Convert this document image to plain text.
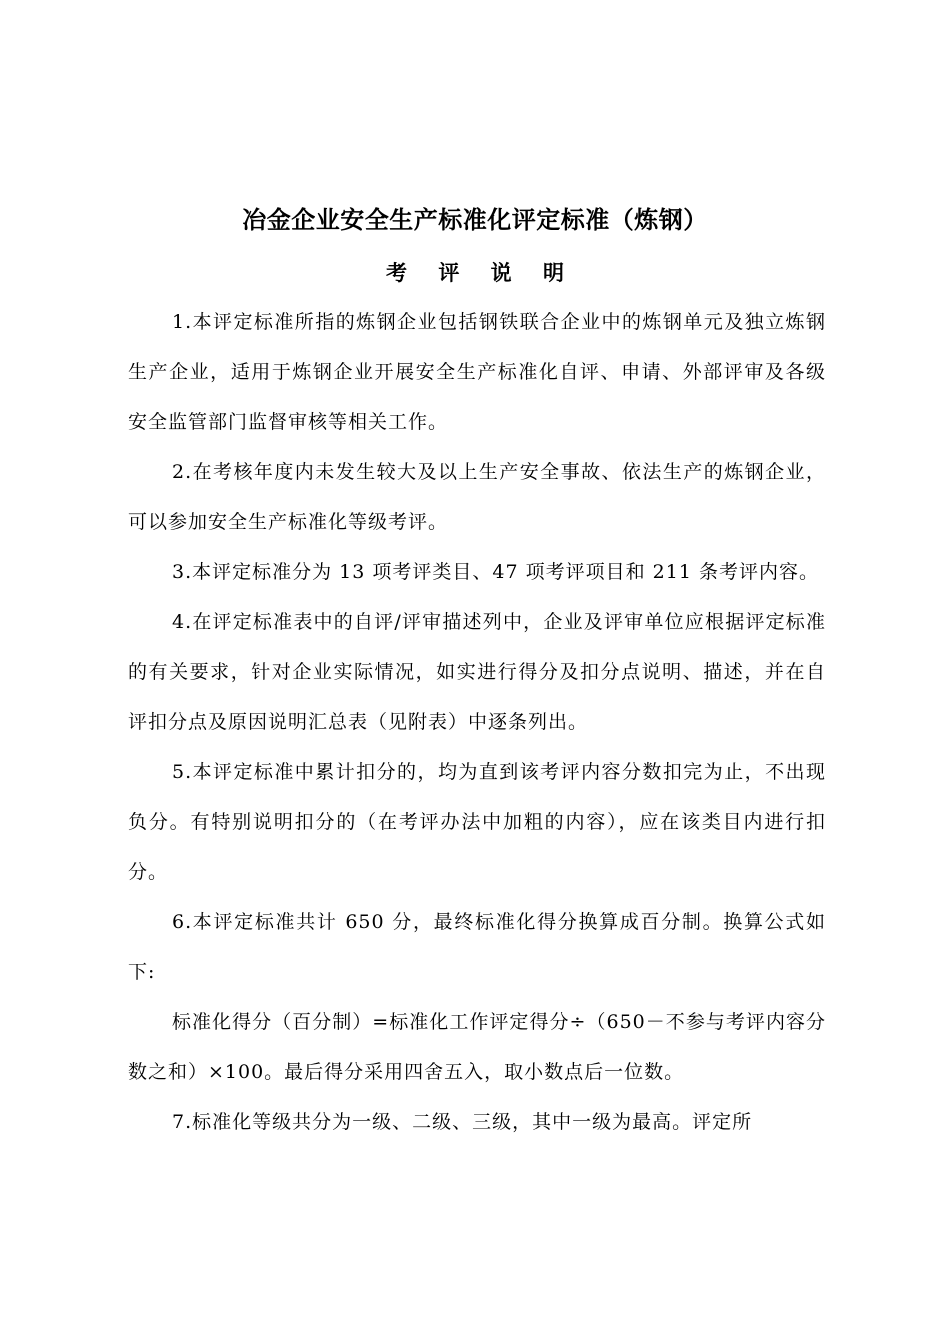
冶金企业安全生产标准化评定标准（炼钢）
考 评 说 明

1.本评定标准所指的炼钢企业包括钢铁联合企业中的炼钢单元及独立炼钢生产企业，适用于炼钢企业开展安全生产标准化自评、申请、外部评审及各级安全监管部门监督审核等相关工作。

2.在考核年度内未发生较大及以上生产安全事故、依法生产的炼钢企业，可以参加安全生产标准化等级考评。

3.本评定标准分为 13 项考评类目、47 项考评项目和 211 条考评内容。

4.在评定标准表中的自评/评审描述列中，企业及评审单位应根据评定标准的有关要求，针对企业实际情况，如实进行得分及扣分点说明、描述，并在自评扣分点及原因说明汇总表（见附表）中逐条列出。

5.本评定标准中累计扣分的，均为直到该考评内容分数扣完为止，不出现负分。有特别说明扣分的（在考评办法中加粗的内容），应在该类目内进行扣分。

6.本评定标准共计 650 分，最终标准化得分换算成百分制。换算公式如下:

标准化得分（百分制）=标准化工作评定得分÷（650－不参与考评内容分数之和）×100。最后得分采用四舍五入，取小数点后一位数。

7.标准化等级共分为一级、二级、三级，其中一级为最高。评定所
